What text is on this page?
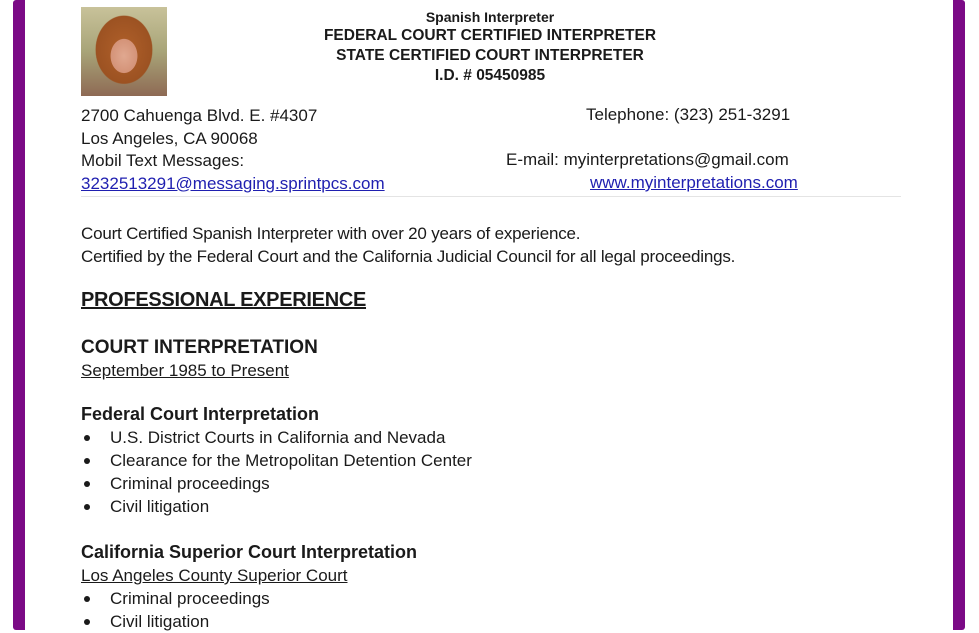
Spanish Interpreter
FEDERAL COURT CERTIFIED INTERPRETER
STATE CERTIFIED COURT INTERPRETER
I.D. # 05450985
2700 Cahuenga Blvd. E. #4307
Los Angeles, CA 90068
Mobil Text Messages:
3232513291@messaging.sprintpcs.com
Telephone: (323) 251-3291
E-mail: myinterpretations@gmail.com
www.myinterpretations.com
Court Certified Spanish Interpreter with over 20 years of experience.
Certified by the Federal Court and the California Judicial Council for all legal proceedings.
PROFESSIONAL EXPERIENCE
COURT INTERPRETATION
September 1985 to Present
Federal Court Interpretation
U.S. District Courts in California and Nevada
Clearance for the Metropolitan Detention Center
Criminal proceedings
Civil litigation
California Superior Court Interpretation
Los Angeles County Superior Court
Criminal proceedings
Civil litigation
